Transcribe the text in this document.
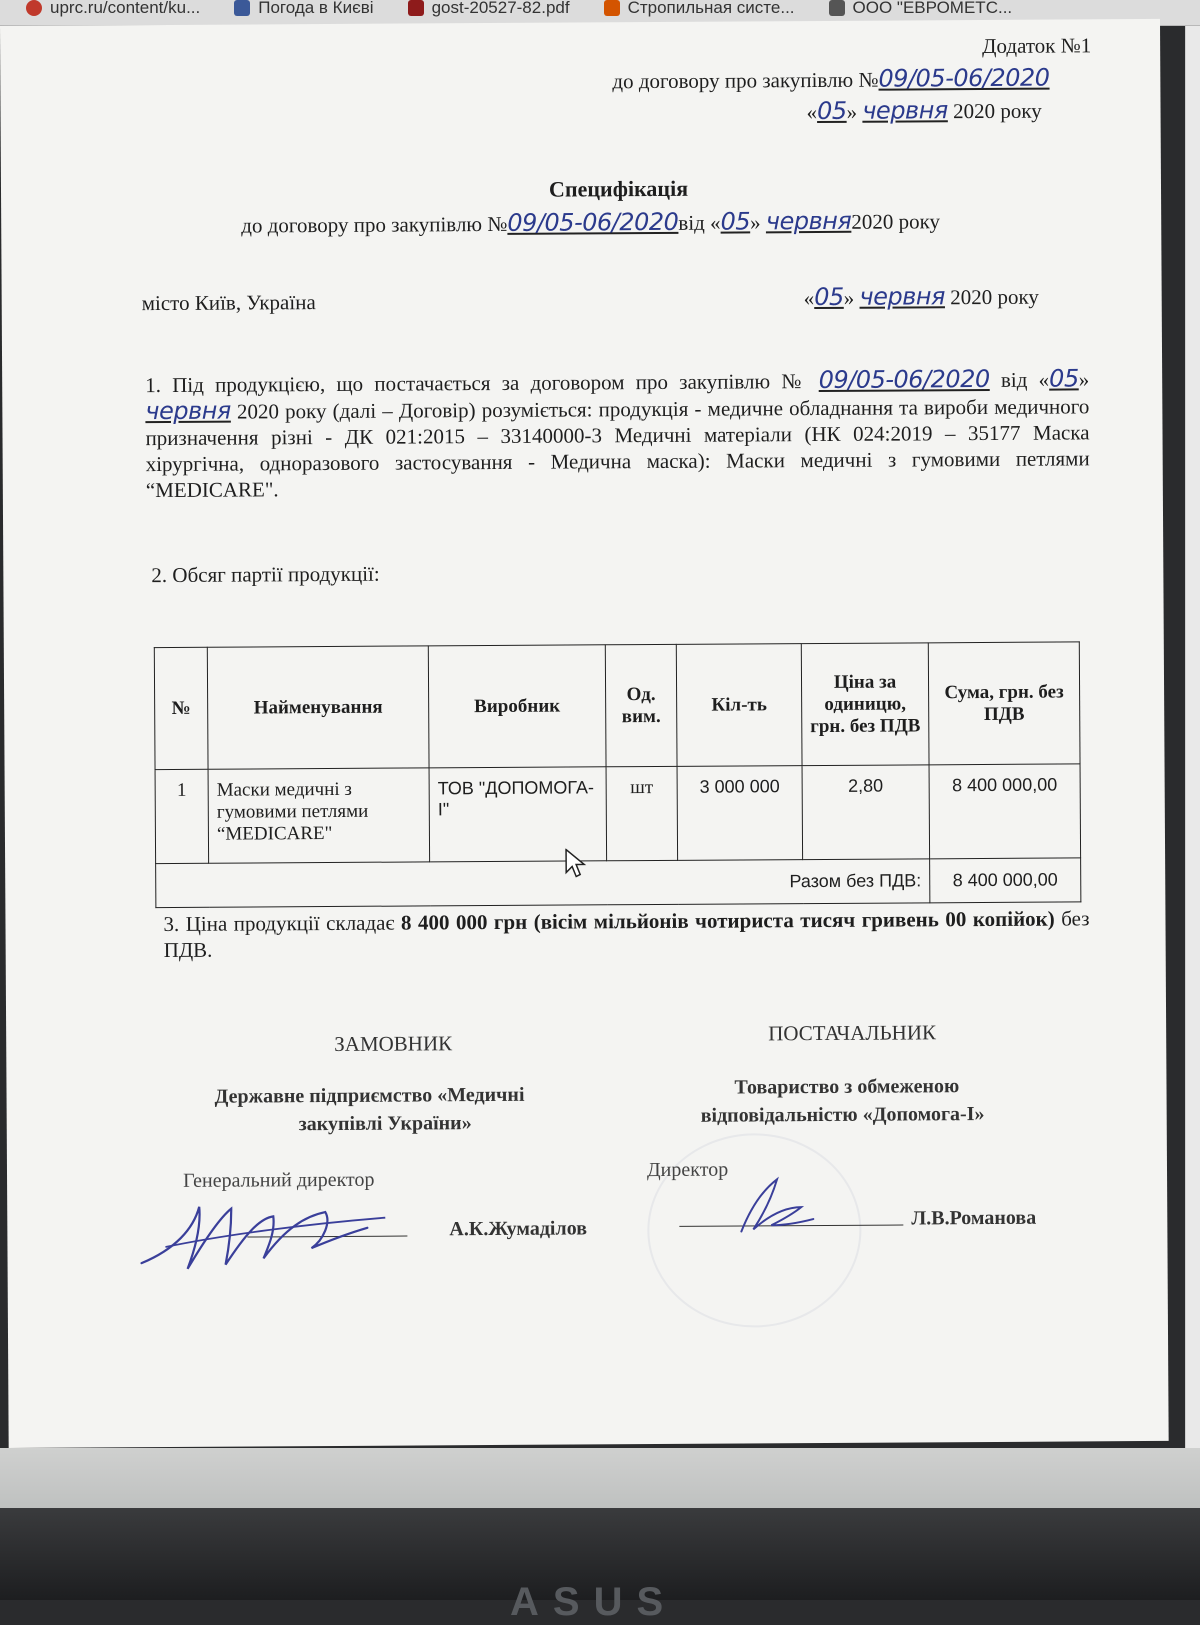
uprc.ru/content/ku...	Погода в Києві	gost-20527-82.pdf	Стропильная систе...	ООО "ЕВРОМЕТС...
Додаток №1
до договору про закупівлю №09/05-06/2020
«05» червня 2020 року
Специфікація
до договору про закупівлю №09/05-06/2020від «05» червня2020 року
місто Київ, Україна	«05» червня 2020 року
1. Під продукцією, що постачається за договором про закупівлю № 09/05-06/2020 від «05» червня 2020 року (далі – Договір) розуміється: продукція - медичне обладнання та вироби медичного призначення різні - ДК 021:2015 – 33140000-3 Медичні матеріали (НК 024:2019 – 35177 Маска хірургічна, одноразового застосування - Медична маска): Маски медичні з гумовими петлями “MEDICARE".
2. Обсяг партії продукції:
№	Найменування	Виробник	Од. вим.	Кіл-ть	Ціна за одиницю, грн. без ПДВ	Сума, грн. без ПДВ
1	Маски медичні з гумовими петлями “MEDICARE"	ТОВ "ДОПОМОГА-І"	шт	3 000 000	2,80	8 400 000,00
Разом без ПДВ:						8 400 000,00
3. Ціна продукції складає 8 400 000 грн (вісім мільйонів чотириста тисяч гривень 00 копійок) без ПДВ.
ЗАМОВНИК	ПОСТАЧАЛЬНИК
Державне підприємство «Медичні
закупівлі України»
Товариство з обмеженою
відповідальністю «Допомога-І»
Генеральний директор	Директор
А.К.Жумаділов	Л.В.Романова
ASUS
